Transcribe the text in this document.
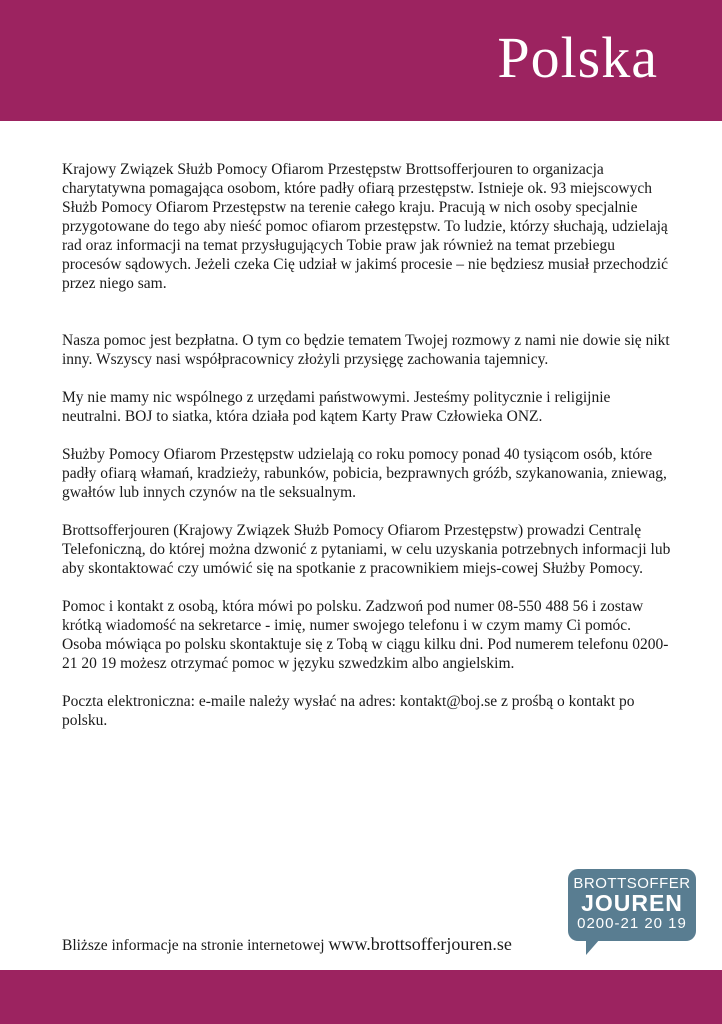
Polska

Krajowy Związek Służb Pomocy Ofiarom Przestępstw Brottsofferjouren to organizacja charytatywna pomagająca osobom, które padły ofiarą przestępstw. Istnieje ok. 93 miejscowych Służb Pomocy Ofiarom Przestępstw na terenie całego kraju. Pracują w nich osoby specjalnie przygotowane do tego aby nieść pomoc ofiarom przestępstw. To ludzie, którzy słuchają, udzielają rad oraz informacji na temat przysługujących Tobie praw jak również na temat przebiegu procesów sądowych. Jeżeli czeka Cię udział w jakimś procesie – nie będziesz musiał przechodzić przez niego sam.

Nasza pomoc jest bezpłatna. O tym co będzie tematem Twojej rozmowy z nami nie dowie się nikt inny. Wszyscy nasi współpracownicy złożyli przysięgę zachowania tajemnicy.

My nie mamy nic wspólnego z urzędami państwowymi. Jesteśmy politycznie i religijnie neutralni. BOJ to siatka, która działa pod kątem Karty Praw Człowieka ONZ.

Służby Pomocy Ofiarom Przestępstw udzielają co roku pomocy ponad 40 tysiącom osób, które padły ofiarą włamań, kradzieży, rabunków, pobicia, bezprawnych gróźb, szykanowania, zniewag, gwałtów lub innych czynów na tle seksualnym.

Brottsofferjouren (Krajowy Związek Służb Pomocy Ofiarom Przestępstw) prowadzi Centralę Telefoniczną, do której można dzwonić z pytaniami, w celu uzyskania potrzebnych informacji lub aby skontaktować czy umówić się na spotkanie z pracownikiem miejs-cowej Służby Pomocy.

Pomoc i kontakt z osobą, która mówi po polsku. Zadzwoń pod numer 08-550 488 56 i zostaw krótką wiadomość na sekretarce - imię, numer swojego telefonu i w czym mamy Ci pomóc. Osoba mówiąca po polsku skontaktuje się z Tobą w ciągu kilku dni. Pod numerem telefonu 0200-21 20 19 możesz otrzymać pomoc w języku szwedzkim albo angielskim.

Poczta elektroniczna: e-maile należy wysłać na adres: kontakt@boj.se z prośbą o kontakt po polsku.

Bliższe informacje na stronie internetowej www.brottsofferjouren.se
BROTTSOFFER
JOUREN
0200-21 20 19
